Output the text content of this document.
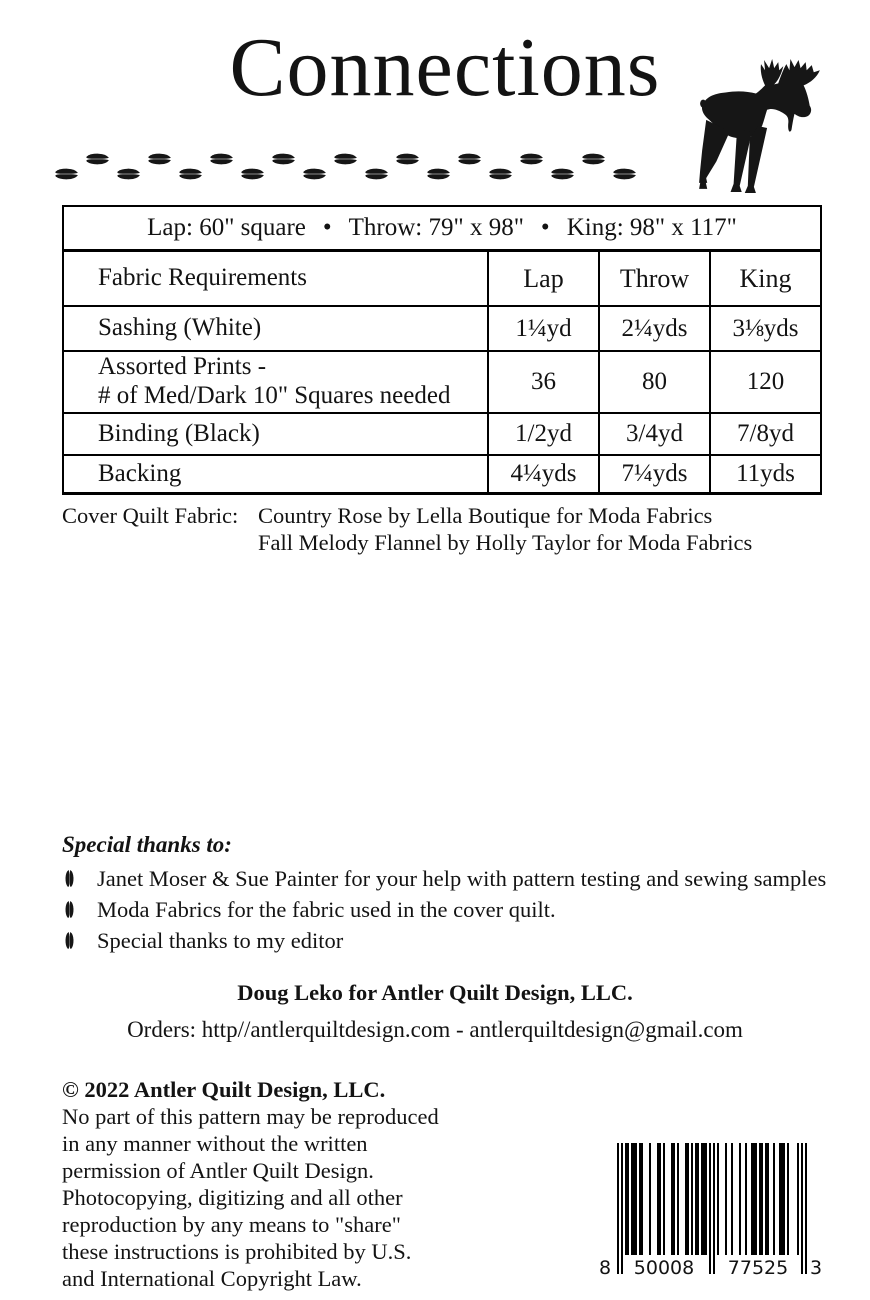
Connections
Lap: 60" square • Throw: 79" x 98" • King: 98" x 117"
Fabric Requirements	Lap	Throw	King
Sashing (White)	1¼yd	2¼yds	3⅛yds
Assorted Prints -
# of Med/Dark 10" Squares needed
36	80	120
Binding (Black)	1/2yd	3/4yd	7/8yd
Backing	4¼yds	7¼yds	11yds
Cover Quilt Fabric: Country Rose by Lella Boutique for Moda Fabrics
Fall Melody Flannel by Holly Taylor for Moda Fabrics
Special thanks to:
Janet Moser & Sue Painter for your help with pattern testing and sewing samples
Moda Fabrics for the fabric used in the cover quilt.
Special thanks to my editor
Doug Leko for Antler Quilt Design, LLC.
Orders: http//antlerquiltdesign.com - antlerquiltdesign@gmail.com
© 2022 Antler Quilt Design, LLC.
No part of this pattern may be reproduced
in any manner without the written
permission of Antler Quilt Design.
Photocopying, digitizing and all other
reproduction by any means to "share"
these instructions is prohibited by U.S.
and International Copyright Law.	8 50008 77525 3
